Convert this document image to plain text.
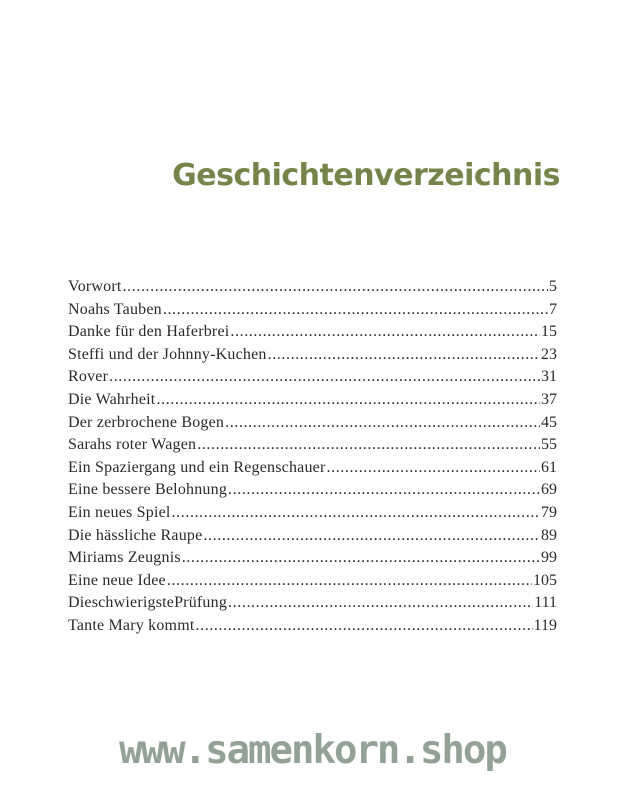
Geschichtenverzeichnis
Vorwort .....	5
Noahs Tauben .....	7
Danke für den Haferbrei .....	15
Steffi und der Johnny-Kuchen .....	23
Rover .....	31
Die Wahrheit .....	37
Der zerbrochene Bogen .....	45
Sarahs roter Wagen .....	55
Ein Spaziergang und ein Regenschauer .....	61
Eine bessere Belohnung .....	69
Ein neues Spiel .....	79
Die hässliche Raupe .....	89
Miriams Zeugnis .....	99
Eine neue Idee .....	105
DieschwierigstePrüfung .....	111
Tante Mary kommt .....	119
www.samenkorn.shop
